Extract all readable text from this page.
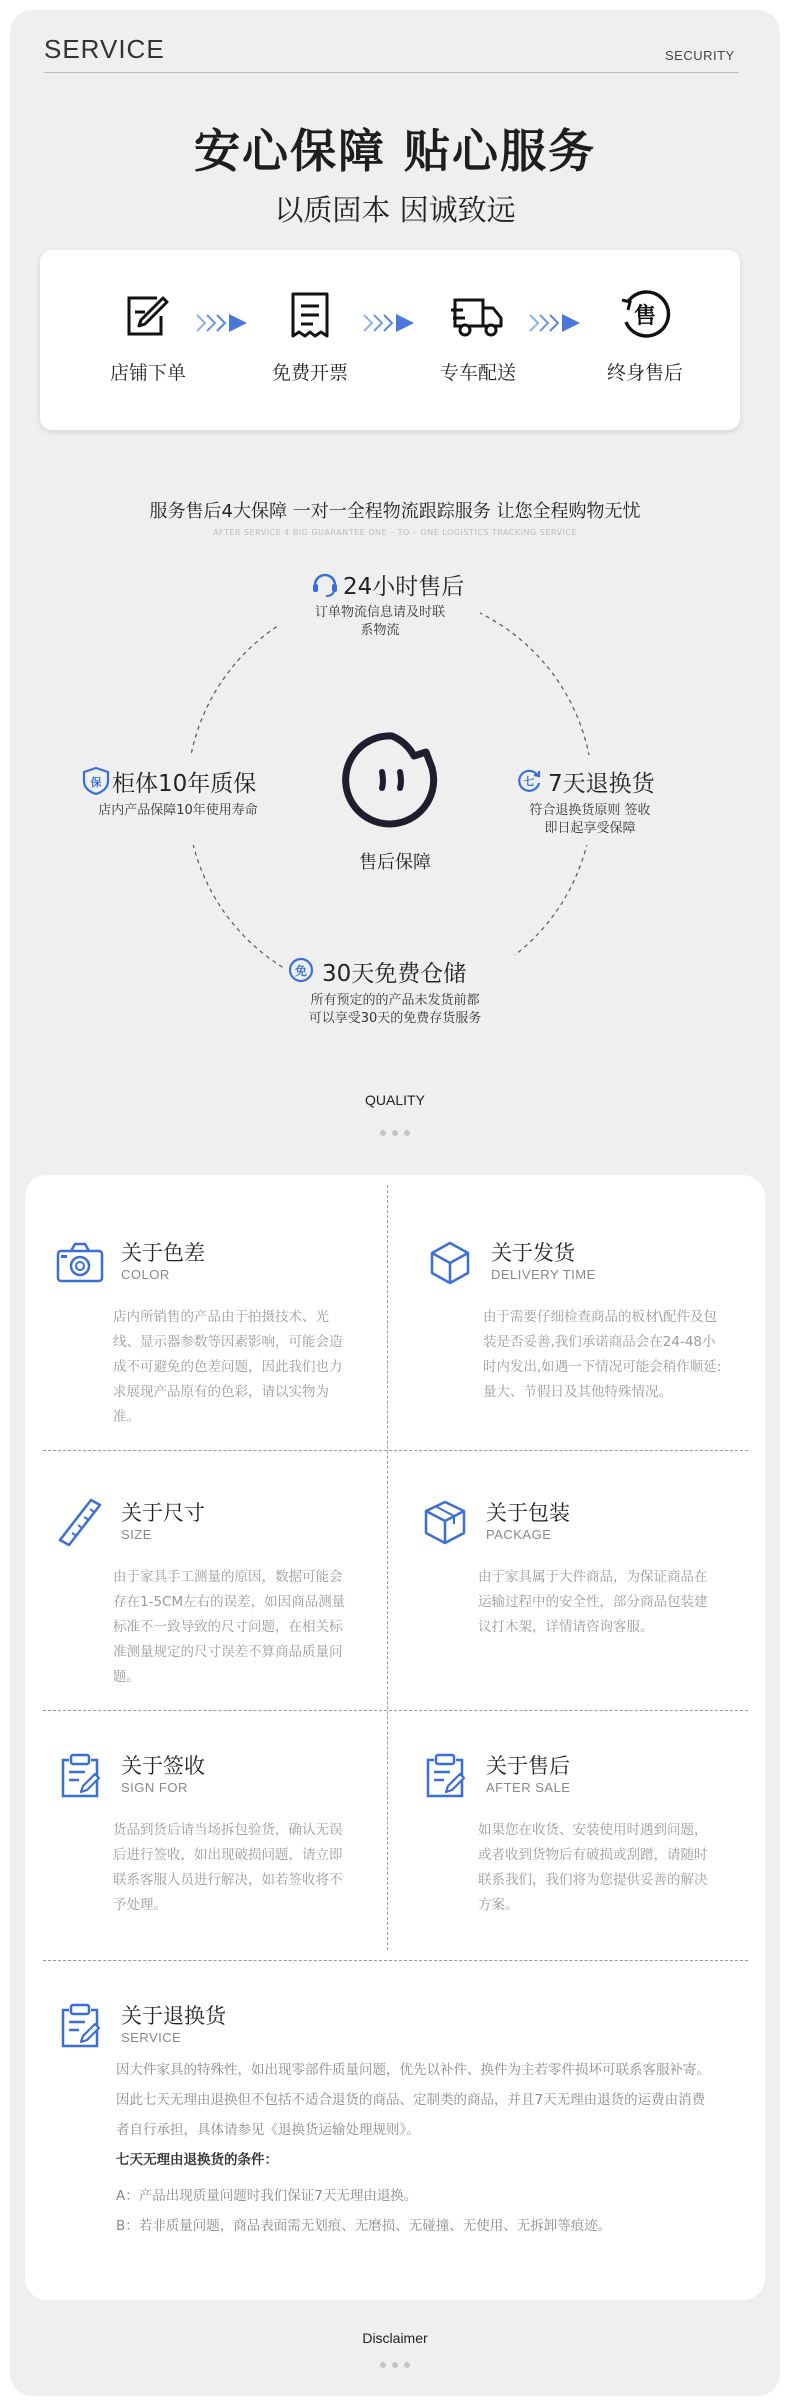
SERVICE	SECURITY
安心保障 贴心服务
以质固本 因诚致远
店铺下单	免费开票	专车配送
售
终身售后
服务售后4大保障 一对一全程物流跟踪服务 让您全程购物无忧
AFTER SERVICE 4 BIG GUARANTEE ONE – TO – ONE LOGISTICS TRACKING SERVICE
售后保障
24小时售后
订单物流信息请及时联
系物流
保 柜体10年质保
店内产品保障10年使用寿命
七 7天退换货
符合退换货原则 签收
即日起享受保障
免 30天免费仓储
所有预定的的产品未发货前都
可以享受30天的免费存货服务
QUALITY
关于色差
COLOR

店内所销售的产品由于拍摄技术、光

线、显示器参数等因素影响，可能会造

成不可避免的色差问题，因此我们也力

求展现产品原有的色彩，请以实物为

准。

关于发货
DELIVERY TIME

由于需要仔细检查商品的板材\配件及包

装是否妥善,我们承诺商品会在24-48小

时内发出,如遇一下情况可能会稍作顺延:

量大、节假日及其他特殊情况。

关于尺寸
SIZE

由于家具手工测量的原因，数据可能会

存在1-5CM左右的误差，如因商品测量

标准不一致导致的尺寸问题，在相关标

准测量规定的尺寸误差不算商品质量问

题。

关于包装
PACKAGE

由于家具属于大件商品，为保证商品在

运输过程中的安全性，部分商品包装建

议打木架，详情请咨询客服。

关于签收
SIGN FOR

货品到货后请当场拆包验货，确认无误

后进行签收，如出现破损问题，请立即

联系客服人员进行解决，如若签收将不

予处理。

关于售后
AFTER SALE

如果您在收货、安装使用时遇到问题，

或者收到货物后有破损或刮蹭，请随时

联系我们，我们将为您提供妥善的解决

方案。

关于退换货
SERVICE

因大件家具的特殊性，如出现零部件质量问题，优先以补件、换件为主若零件损坏可联系客服补寄。

因此七天无理由退换但不包括不适合退货的商品、定制类的商品，并且7天无理由退货的运费由消费

者自行承担，具体请参见《退换货运输处理规则》。

七天无理由退换货的条件：

A：产品出现质量问题时我们保证7天无理由退换。

B：若非质量问题，商品表面需无划痕、无磨损、无碰撞、无使用、无拆卸等痕迹。

Disclaimer
